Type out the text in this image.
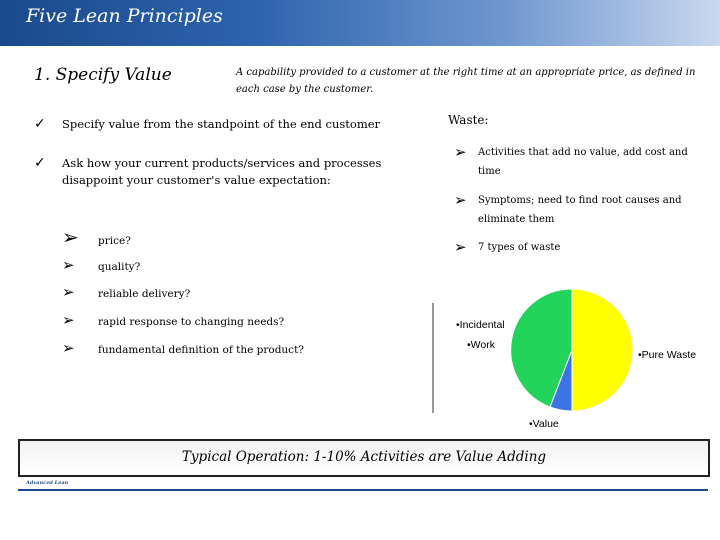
Five Lean Principles
1. Specify Value	A capability provided to a customer at the right time at an appropriate price, as defined in each case by the customer.
✓ Specify value from the standpoint of the end customer
✓ Ask how your current products/services and processes disappoint your customer's value expectation:
➢ price?
➢ quality?
➢ reliable delivery?
➢ rapid response to changing needs?
➢ fundamental definition of the product?
Waste:
➢ Activities that add no value, add cost and time
➢ Symptoms; need to find root causes and eliminate them
➢ 7 types of waste
•Incidental
•Work
•Pure Waste
•Value
Typical Operation: 1-10% Activities are Value Adding
Advanced Lean
